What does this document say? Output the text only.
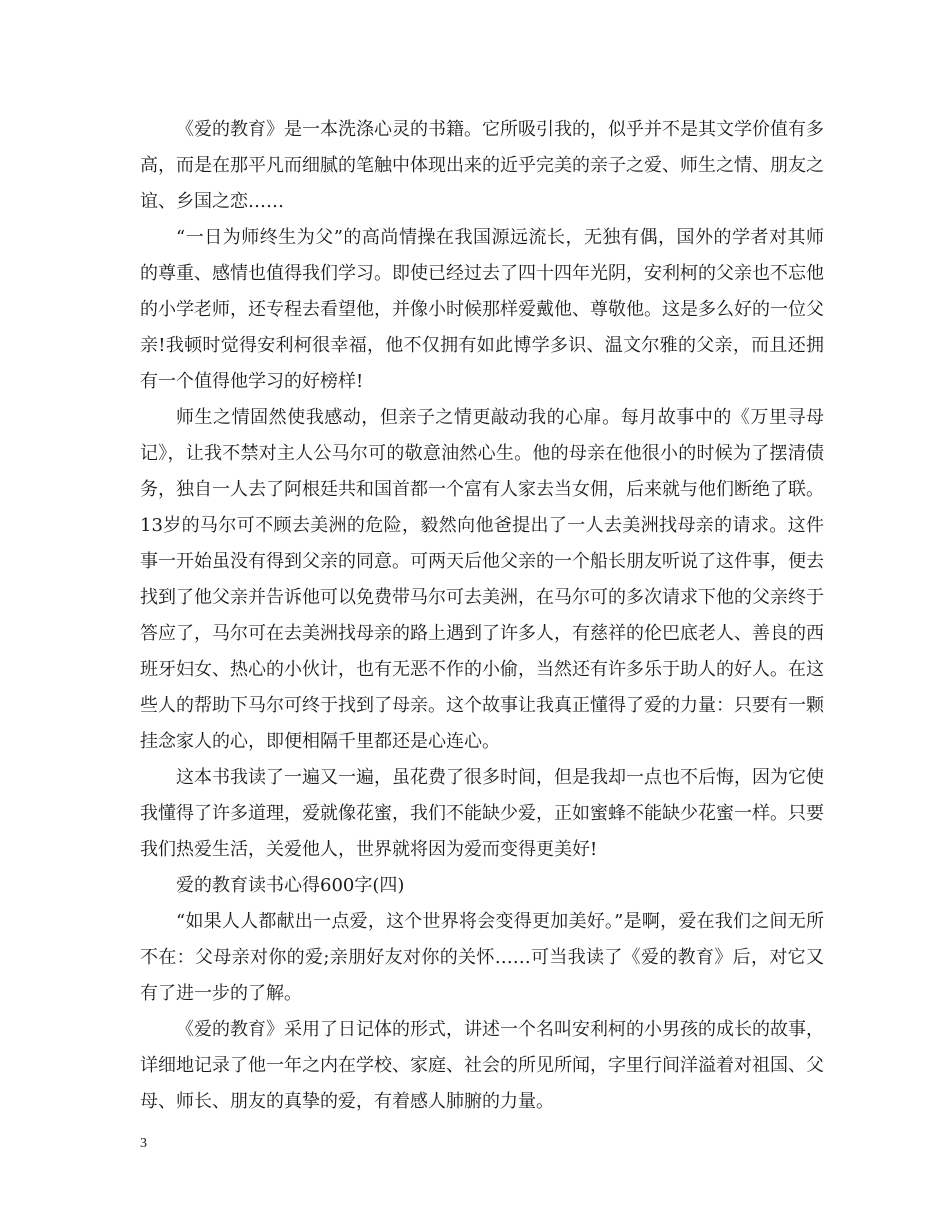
《爱的教育》是一本洗涤心灵的书籍。它所吸引我的，似乎并不是其文学价值有多高，而是在那平凡而细腻的笔触中体现出来的近乎完美的亲子之爱、师生之情、朋友之谊、乡国之恋……

“一日为师终生为父”的高尚情操在我国源远流长，无独有偶，国外的学者对其师的尊重、感情也值得我们学习。即使已经过去了四十四年光阴，安利柯的父亲也不忘他的小学老师，还专程去看望他，并像小时候那样爱戴他、尊敬他。这是多么好的一位父亲!我顿时觉得安利柯很幸福，他不仅拥有如此博学多识、温文尔雅的父亲，而且还拥有一个值得他学习的好榜样!

师生之情固然使我感动，但亲子之情更敲动我的心扉。每月故事中的《万里寻母记》，让我不禁对主人公马尔可的敬意油然心生。他的母亲在他很小的时候为了摆清债务，独自一人去了阿根廷共和国首都一个富有人家去当女佣，后来就与他们断绝了联。13岁的马尔可不顾去美洲的危险，毅然向他爸提出了一人去美洲找母亲的请求。这件事一开始虽没有得到父亲的同意。可两天后他父亲的一个船长朋友听说了这件事，便去找到了他父亲并告诉他可以免费带马尔可去美洲，在马尔可的多次请求下他的父亲终于答应了，马尔可在去美洲找母亲的路上遇到了许多人，有慈祥的伦巴底老人、善良的西班牙妇女、热心的小伙计，也有无恶不作的小偷，当然还有许多乐于助人的好人。在这些人的帮助下马尔可终于找到了母亲。这个故事让我真正懂得了爱的力量：只要有一颗挂念家人的心，即便相隔千里都还是心连心。

这本书我读了一遍又一遍，虽花费了很多时间，但是我却一点也不后悔，因为它使我懂得了许多道理，爱就像花蜜，我们不能缺少爱，正如蜜蜂不能缺少花蜜一样。只要我们热爱生活，关爱他人，世界就将因为爱而变得更美好!

爱的教育读书心得600字(四)

“如果人人都献出一点爱，这个世界将会变得更加美好。”是啊，爱在我们之间无所不在：父母亲对你的爱;亲朋好友对你的关怀……可当我读了《爱的教育》后，对它又有了进一步的了解。

《爱的教育》采用了日记体的形式，讲述一个名叫安利柯的小男孩的成长的故事，详细地记录了他一年之内在学校、家庭、社会的所见所闻，字里行间洋溢着对祖国、父母、师长、朋友的真挚的爱，有着感人肺腑的力量。

3
